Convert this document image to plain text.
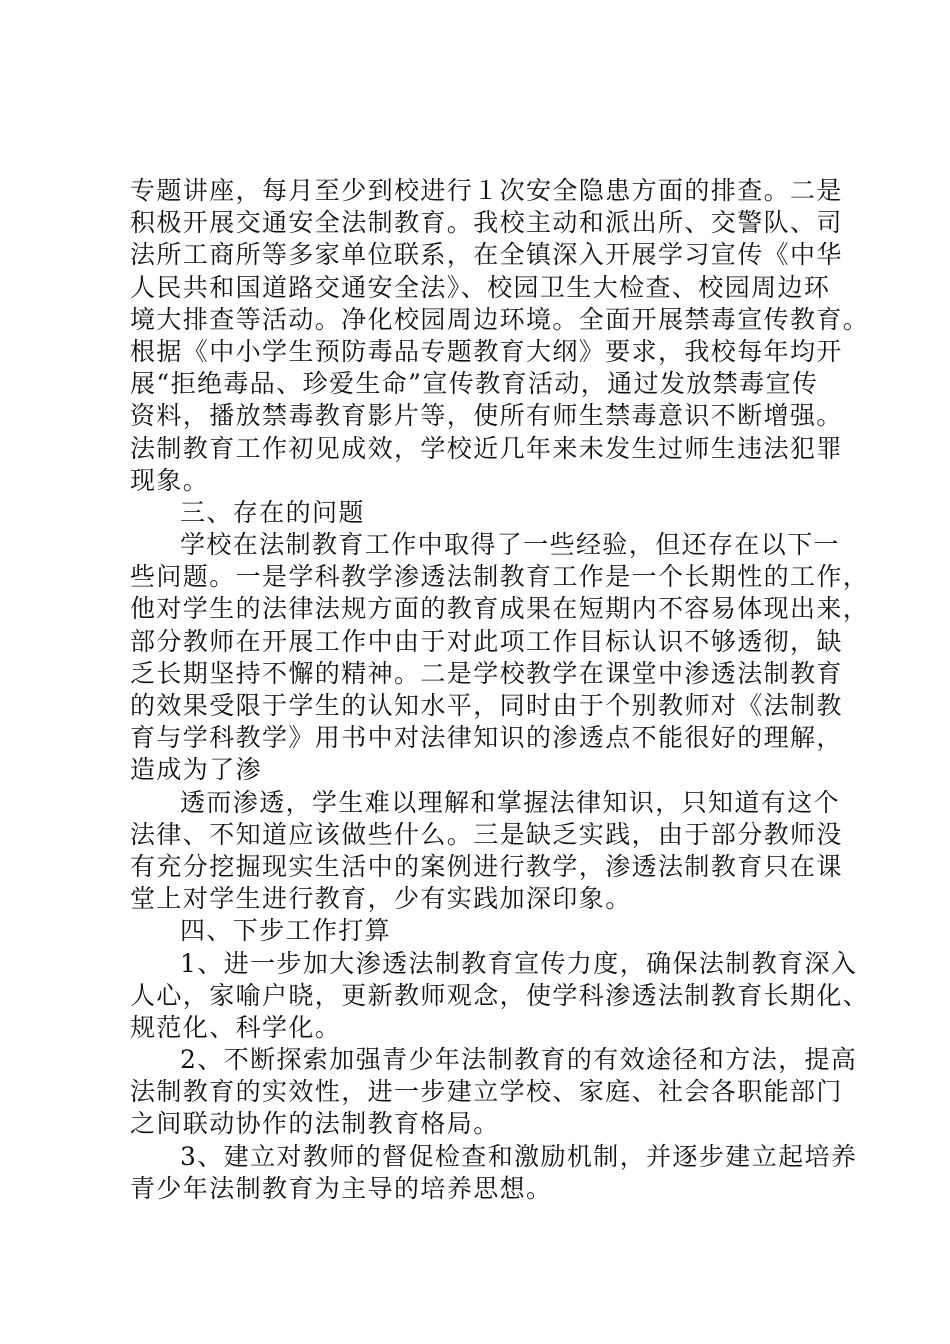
专题讲座，每月至少到校进行１次安全隐患方面的排查。二是
积极开展交通安全法制教育。我校主动和派出所、交警队、司
法所工商所等多家单位联系，在全镇深入开展学习宣传《中华
人民共和国道路交通安全法》、校园卫生大检查、校园周边环
境大排查等活动。净化校园周边环境。全面开展禁毒宣传教育。
根据《中小学生预防毒品专题教育大纲》要求，我校每年均开
展“拒绝毒品、珍爱生命”宣传教育活动，通过发放禁毒宣传
资料，播放禁毒教育影片等，使所有师生禁毒意识不断增强。
法制教育工作初见成效，学校近几年来未发生过师生违法犯罪
现象。
三、存在的问题
学校在法制教育工作中取得了一些经验，但还存在以下一
些问题。一是学科教学渗透法制教育工作是一个长期性的工作，
他对学生的法律法规方面的教育成果在短期内不容易体现出来，
部分教师在开展工作中由于对此项工作目标认识不够透彻，缺
乏长期坚持不懈的精神。二是学校教学在课堂中渗透法制教育
的效果受限于学生的认知水平，同时由于个别教师对《法制教
育与学科教学》用书中对法律知识的渗透点不能很好的理解，
造成为了渗
透而渗透，学生难以理解和掌握法律知识，只知道有这个
法律、不知道应该做些什么。三是缺乏实践，由于部分教师没
有充分挖掘现实生活中的案例进行教学，渗透法制教育只在课
堂上对学生进行教育，少有实践加深印象。
四、下步工作打算
1、进一步加大渗透法制教育宣传力度，确保法制教育深入
人心，家喻户晓，更新教师观念，使学科渗透法制教育长期化、
规范化、科学化。
2、不断探索加强青少年法制教育的有效途径和方法，提高
法制教育的实效性，进一步建立学校、家庭、社会各职能部门
之间联动协作的法制教育格局。
3、建立对教师的督促检查和激励机制，并逐步建立起培养
青少年法制教育为主导的培养思想。
